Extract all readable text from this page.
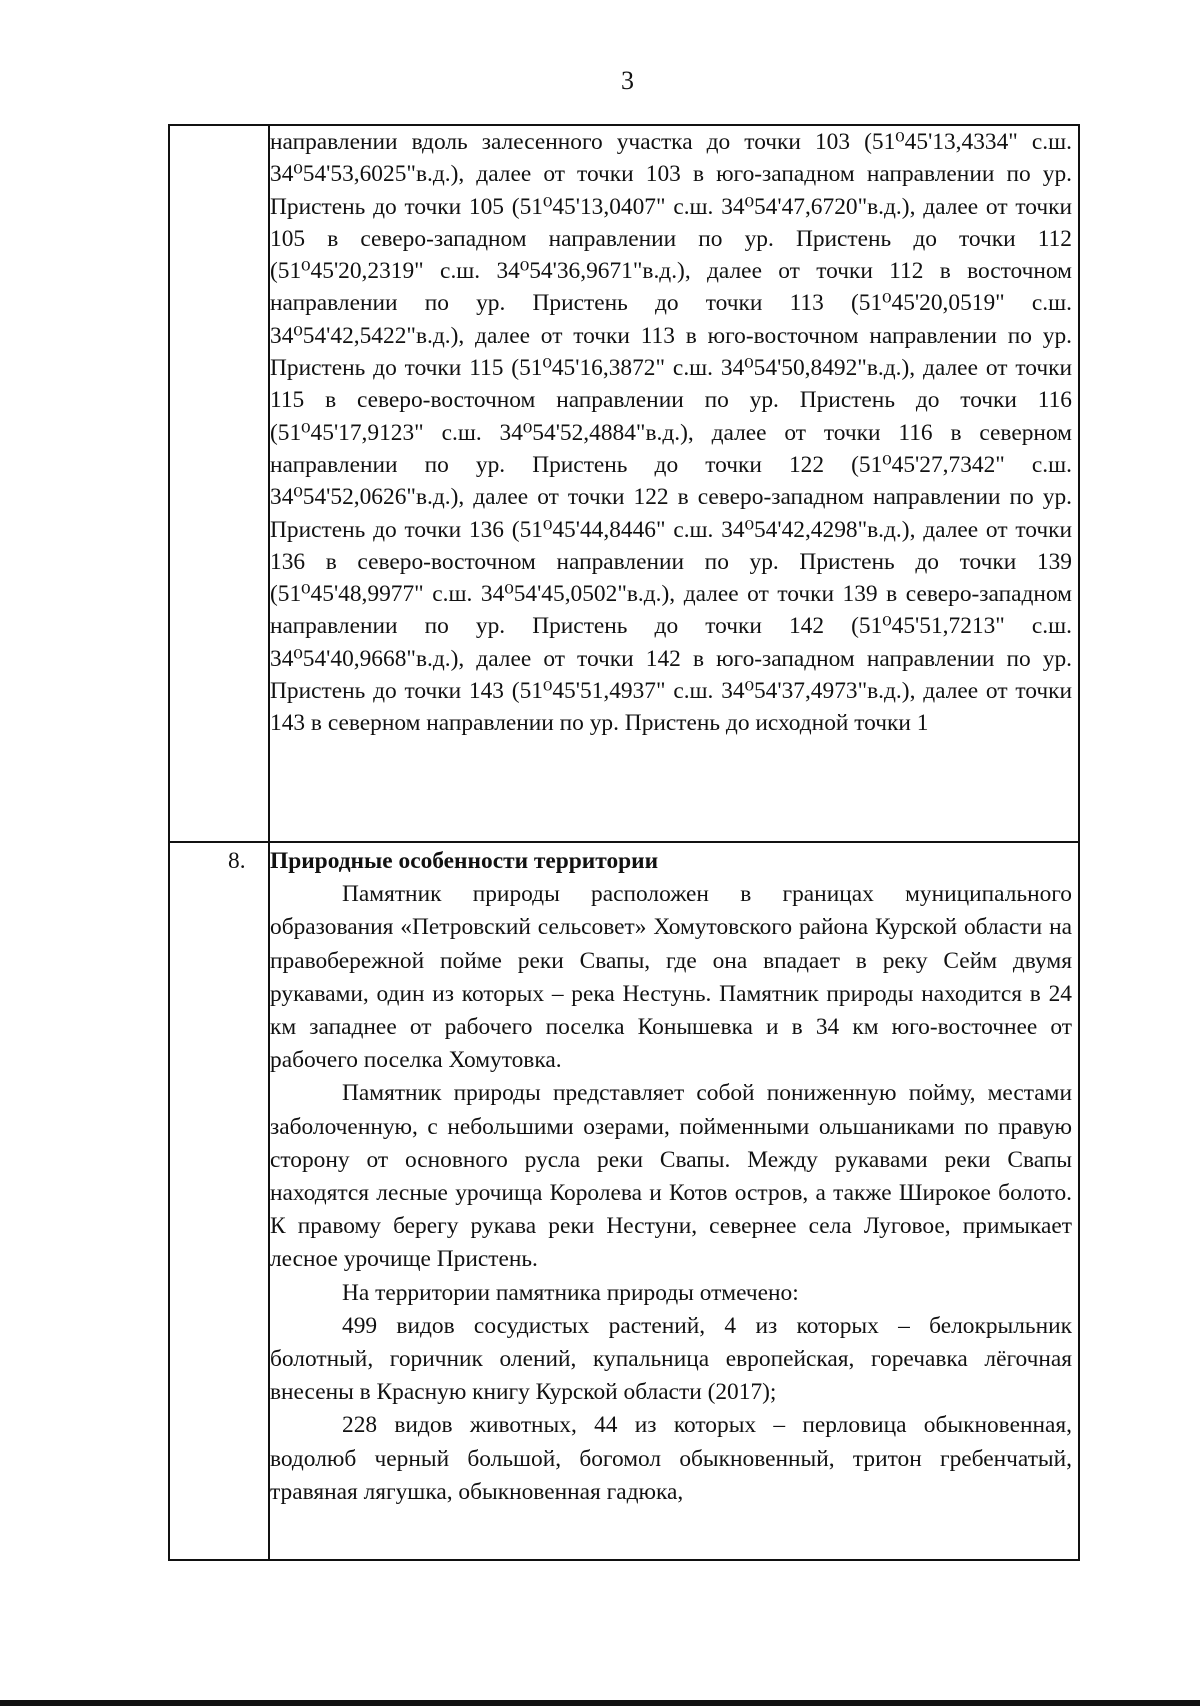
3

направлении вдоль залесенного участка до точки 103 (51⁰45'13,4334" с.ш. 34⁰54'53,6025"в.д.), далее от точки 103 в юго-западном направлении по ур. Пристень до точки 105 (51⁰45'13,0407" с.ш. 34⁰54'47,6720"в.д.), далее от точки 105 в северо-западном направлении по ур. Пристень до точки 112 (51⁰45'20,2319" с.ш. 34⁰54'36,9671"в.д.), далее от точки 112 в восточном направлении по ур. Пристень до точки 113 (51⁰45'20,0519" с.ш. 34⁰54'42,5422"в.д.), далее от точки 113 в юго-восточном направлении по ур. Пристень до точки 115 (51⁰45'16,3872" с.ш. 34⁰54'50,8492"в.д.), далее от точки 115 в северо-восточном направлении по ур. Пристень до точки 116 (51⁰45'17,9123" с.ш. 34⁰54'52,4884"в.д.), далее от точки 116 в северном направлении по ур. Пристень до точки 122 (51⁰45'27,7342" с.ш. 34⁰54'52,0626"в.д.), далее от точки 122 в северо-западном направлении по ур. Пристень до точки 136 (51⁰45'44,8446" с.ш. 34⁰54'42,4298"в.д.), далее от точки 136 в северо-восточном направлении по ур. Пристень до точки 139 (51⁰45'48,9977" с.ш. 34⁰54'45,0502"в.д.), далее от точки 139 в северо-западном направлении по ур. Пристень до точки 142 (51⁰45'51,7213" с.ш. 34⁰54'40,9668"в.д.), далее от точки 142 в юго-западном направлении по ур. Пристень до точки 143 (51⁰45'51,4937" с.ш. 34⁰54'37,4973"в.д.), далее от точки 143 в северном направлении по ур. Пристень до исходной точки 1

8. Природные особенности территории

Памятник природы расположен в границах муниципального образования «Петровский сельсовет» Хомутовского района Курской области на правобережной пойме реки Свапы, где она впадает в реку Сейм двумя рукавами, один из которых – река Нестунь. Памятник природы находится в 24 км западнее от рабочего поселка Конышевка и в 34 км юго-восточнее от рабочего поселка Хомутовка.

Памятник природы представляет собой пониженную пойму, местами заболоченную, с небольшими озерами, пойменными ольшаниками по правую сторону от основного русла реки Свапы. Между рукавами реки Свапы находятся лесные урочища Королева и Котов остров, а также Широкое болото. К правому берегу рукава реки Нестуни, севернее села Луговое, примыкает лесное урочище Пристень.

На территории памятника природы отмечено:

499 видов сосудистых растений, 4 из которых – белокрыльник болотный, горичник олений, купальница европейская, горечавка лёгочная внесены в Красную книгу Курской области (2017);

228 видов животных, 44 из которых – перловица обыкновенная, водолюб черный большой, богомол обыкновенный, тритон гребенчатый, травяная лягушка, обыкновенная гадюка,
